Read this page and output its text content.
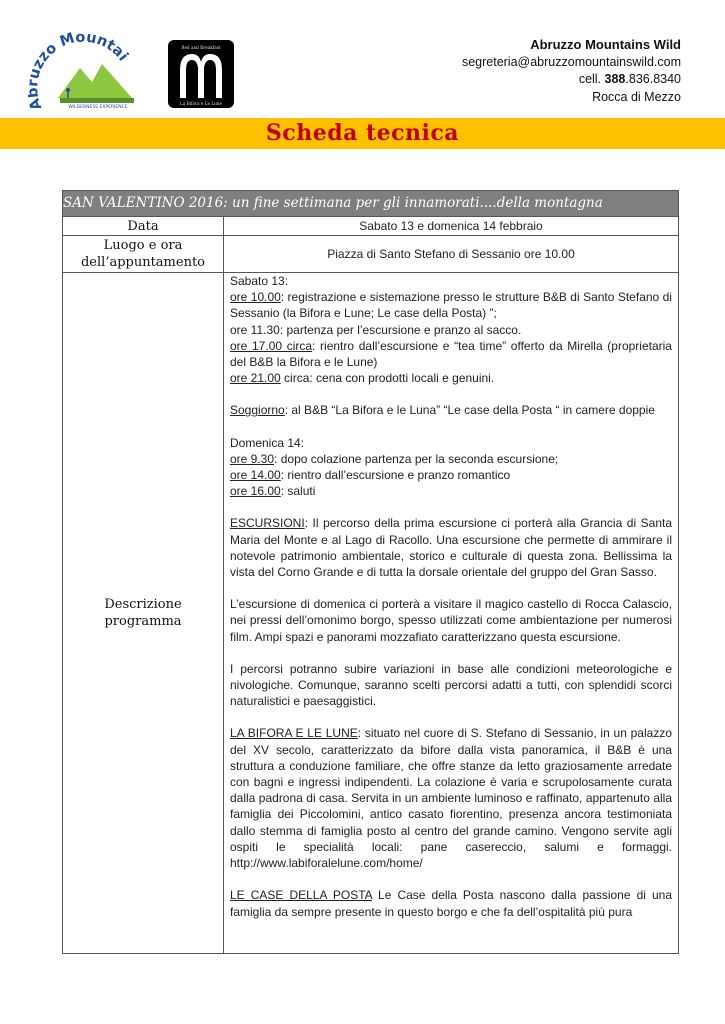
A zzo Mountai
WILDERNESS EXPERIENCE
Bed and Breakfast
La Bifora e Le Lune
Abruzzo Mountains Wild
segreteria@abruzzomountainswild.com
cell. 388.836.8340
Rocca di Mezzo
Scheda tecnica
SAN VALENTINO 2016: un fine settimana per gli innamorati....della montagna
Data	Sabato 13 e domenica 14 febbraio
Luogo e ora
dell’appuntamento
Piazza di Santo Stefano di Sessanio ore 10.00
Descrizione
programma

Sabato 13:

ore 10.00: registrazione e sistemazione presso le strutture B&B di Santo Stefano di Sessanio (la Bifora e Lune; Le case della Posta) ”;

ore 11.30: partenza per l’escursione e pranzo al sacco.

ore 17.00 circa: rientro dall’escursione e “tea time” offerto da Mirella (proprietaria del B&B la Bifora e le Lune)

ore 21.00 circa: cena con prodotti locali e genuini.

Soggiorno: al B&B “La Bifora e le Luna” “Le case della Posta “ in camere doppie

Domenica 14:

ore 9.30: dopo colazione partenza per la seconda escursione;

ore 14.00: rientro dall’escursione e pranzo romantico

ore 16.00: saluti

ESCURSIONI: Il percorso della prima escursione ci porterà alla Grancia di Santa Maria del Monte e al Lago di Racollo. Una escursione che permette di ammirare il notevole patrimonio ambientale, storico e culturale di questa zona. Bellissima la vista del Corno Grande e di tutta la dorsale orientale del gruppo del Gran Sasso.

L’escursione di domenica ci porterà a visitare il magico castello di Rocca Calascio, nei pressi dell’omonimo borgo, spesso utilizzati come ambientazione per numerosi film. Ampi spazi e panorami mozzafiato caratterizzano questa escursione.

I percorsi potranno subire variazioni in base alle condizioni meteorologiche e nivologiche. Comunque, saranno scelti percorsi adatti a tutti, con splendidi scorci naturalistici e paesaggistici.

LA BIFORA E LE LUNE: situato nel cuore di S. Stefano di Sessanio, in un palazzo del XV secolo, caratterizzato da bifore dalla vista panoramica, il B&B è una struttura a conduzione familiare, che offre stanze da letto graziosamente arredate con bagni e ingressi indipendenti. La colazione è varia e scrupolosamente curata dalla padrona di casa. Servita in un ambiente luminoso e raffinato, appartenuto alla famiglia dei Piccolomini, antico casato fiorentino, presenza ancora testimoniata dallo stemma di famiglia posto al centro del grande camino. Vengono servite agli ospiti le specialità locali: pane casereccio, salumi e formaggi. http://www.labiforalelune.com/home/

LE CASE DELLA POSTA Le Case della Posta nascono dalla passione di una famiglia da sempre presente in questo borgo e che fa dell’ospitalità più pura
